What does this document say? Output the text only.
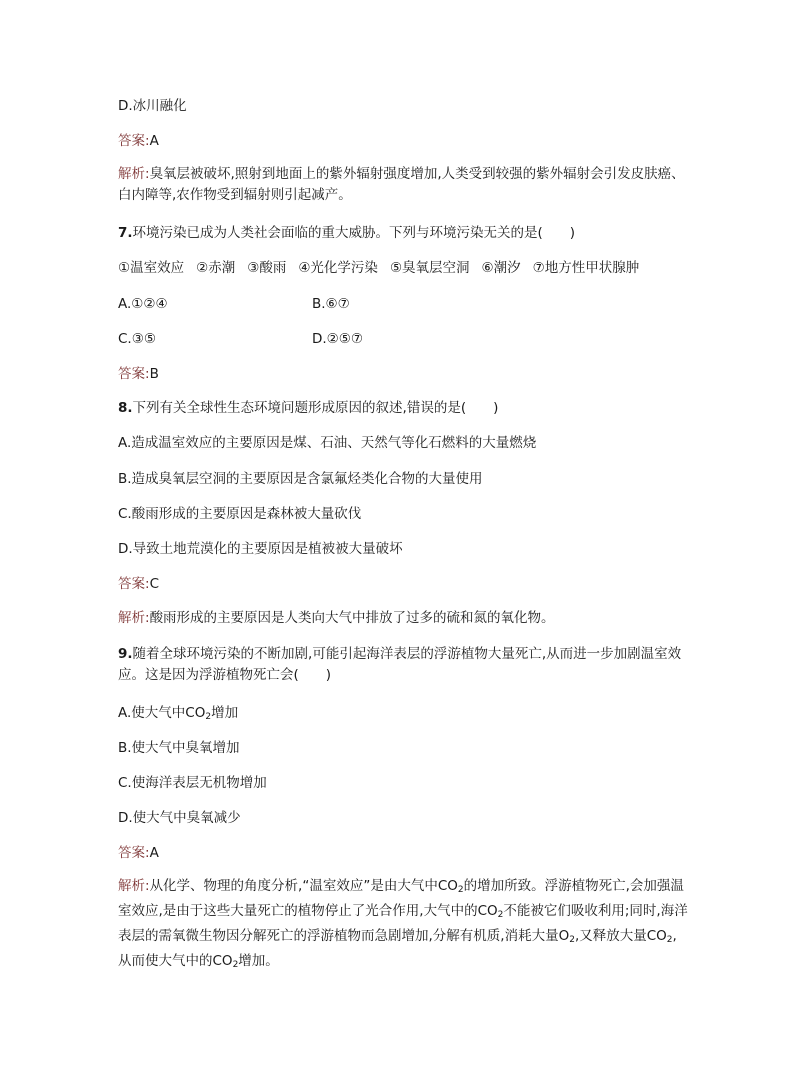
D.冰川融化
答案:A
解析:臭氧层被破坏,照射到地面上的紫外辐射强度增加,人类受到较强的紫外辐射会引发皮肤癌、白内障等,农作物受到辐射则引起减产。
7.环境污染已成为人类社会面临的重大威胁。下列与环境污染无关的是(　　)
①温室效应 ②赤潮 ③酸雨 ④光化学污染 ⑤臭氧层空洞 ⑥潮汐 ⑦地方性甲状腺肿
A.①②④	B.⑥⑦
C.③⑤	D.②⑤⑦
答案:B
8.下列有关全球性生态环境问题形成原因的叙述,错误的是(　　)
A.造成温室效应的主要原因是煤、石油、天然气等化石燃料的大量燃烧
B.造成臭氧层空洞的主要原因是含氯氟烃类化合物的大量使用
C.酸雨形成的主要原因是森林被大量砍伐
D.导致土地荒漠化的主要原因是植被被大量破坏
答案:C
解析:酸雨形成的主要原因是人类向大气中排放了过多的硫和氮的氧化物。
9.随着全球环境污染的不断加剧,可能引起海洋表层的浮游植物大量死亡,从而进一步加剧温室效应。这是因为浮游植物死亡会(　　)
A.使大气中$CO_2$增加
B.使大气中臭氧增加
C.使海洋表层无机物增加
D.使大气中臭氧减少
答案:A
解析:从化学、物理的角度分析,“温室效应”是由大气中$CO_2$的增加所致。浮游植物死亡,会加强温室效应,是由于这些大量死亡的植物停止了光合作用,大气中的$CO_2$不能被它们吸收利用;同时,海洋表层的需氧微生物因分解死亡的浮游植物而急剧增加,分解有机质,消耗大量$O_2$,又释放大量$CO_2$,从而使大气中的$CO_2$增加。
